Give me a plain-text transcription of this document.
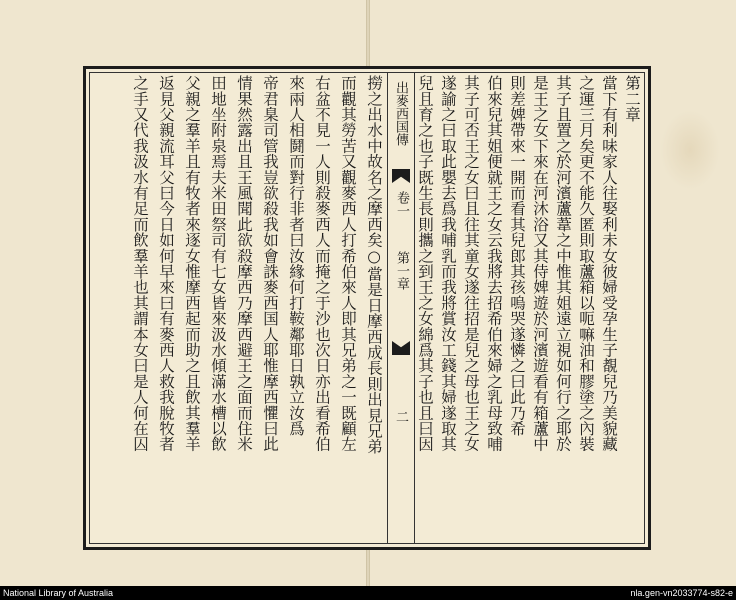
第二章
當下有利味家人往娶利未女彼婦受孕生子覩兒乃美貌藏
之運三月矣更不能久匿則取蘆箱以呃嘛油和膠塗之內裝
其子且置之於河濱蘆葦之中惟其姐遠立視如何行之耶於
是王之女下來在河沐浴又其侍婢遊於河濱遊看有箱蘆中
則差婢帶來一開而看其兒郎其孩嗚哭遂憐之曰此乃希
伯來兒其姐便就王之女云我將去招希伯來婦之乳母致哺
其子可否王之女曰且往其童女遂往招是兒之母也王之女
遂諭之曰取此嬰去爲我哺乳而我將賞汝工錢其婦遂取其
兒且育之也子既生長則攜之到王之女綿爲其子也且曰因
出麥西国傳
卷一
第一章
二
撈之出水中故名之摩西矣○當是日摩西成長則出見兄弟
而觀其勞苦又觀麥西人打希伯來人即其兄弟之一既顧左
右盆不見一人則殺麥西人而掩之于沙也次日亦出看希伯
來兩人相鬪而對行非者曰汝緣何打鞍鄰耶日孰立汝爲
帝君臬司管我豈欲殺我如會誅麥西国人耶惟摩西懼曰此
情果然露出且王風聞此欲殺摩西乃摩西避王之面而住米
田地坐附泉焉夫米田祭司有七女皆來汲水傾滿水槽以飲
父親之羣羊且有牧者來逐女惟摩西起而助之且飲其羣羊
返見父親流耳父曰今日如何早來曰有麥西人救我脫牧者
之手又代我汲水有足而飲羣羊也其謂本女曰是人何在囚
National Library of Australia	nla.gen-vn2033774-s82-e
